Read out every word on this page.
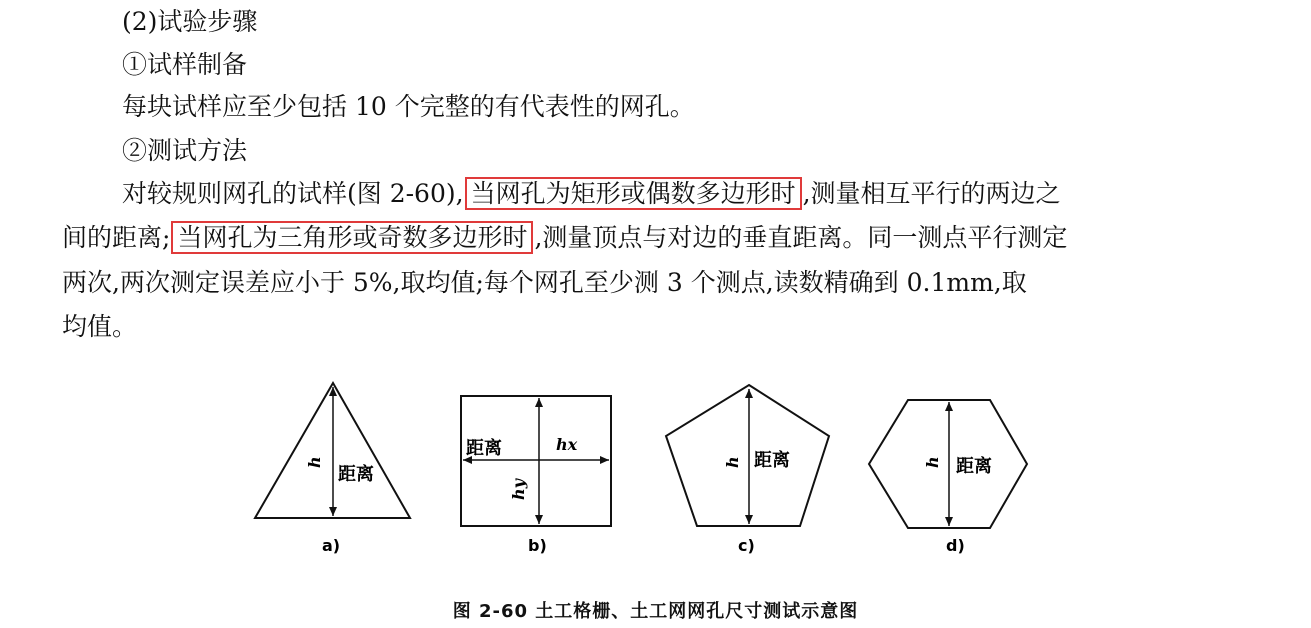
(2)试验步骤
①试样制备
每块试样应至少包括 10 个完整的有代表性的网孔。
②测试方法
对较规则网孔的试样(图 2-60), 当网孔为矩形或偶数多边形时 ,测量相互平行的两边之
间的距离; 当网孔为三角形或奇数多边形时 ,测量顶点与对边的垂直距离。同一测点平行测定
两次,两次测定误差应小于 5%,取均值;每个网孔至少测 3 个测点,读数精确到 0.1mm,取
均值。
h
距离
a)
距离	hx
hy
b)
h 距离
c)
h 距离
d)
图 2-60 土工格栅、土工网网孔尺寸测试示意图
